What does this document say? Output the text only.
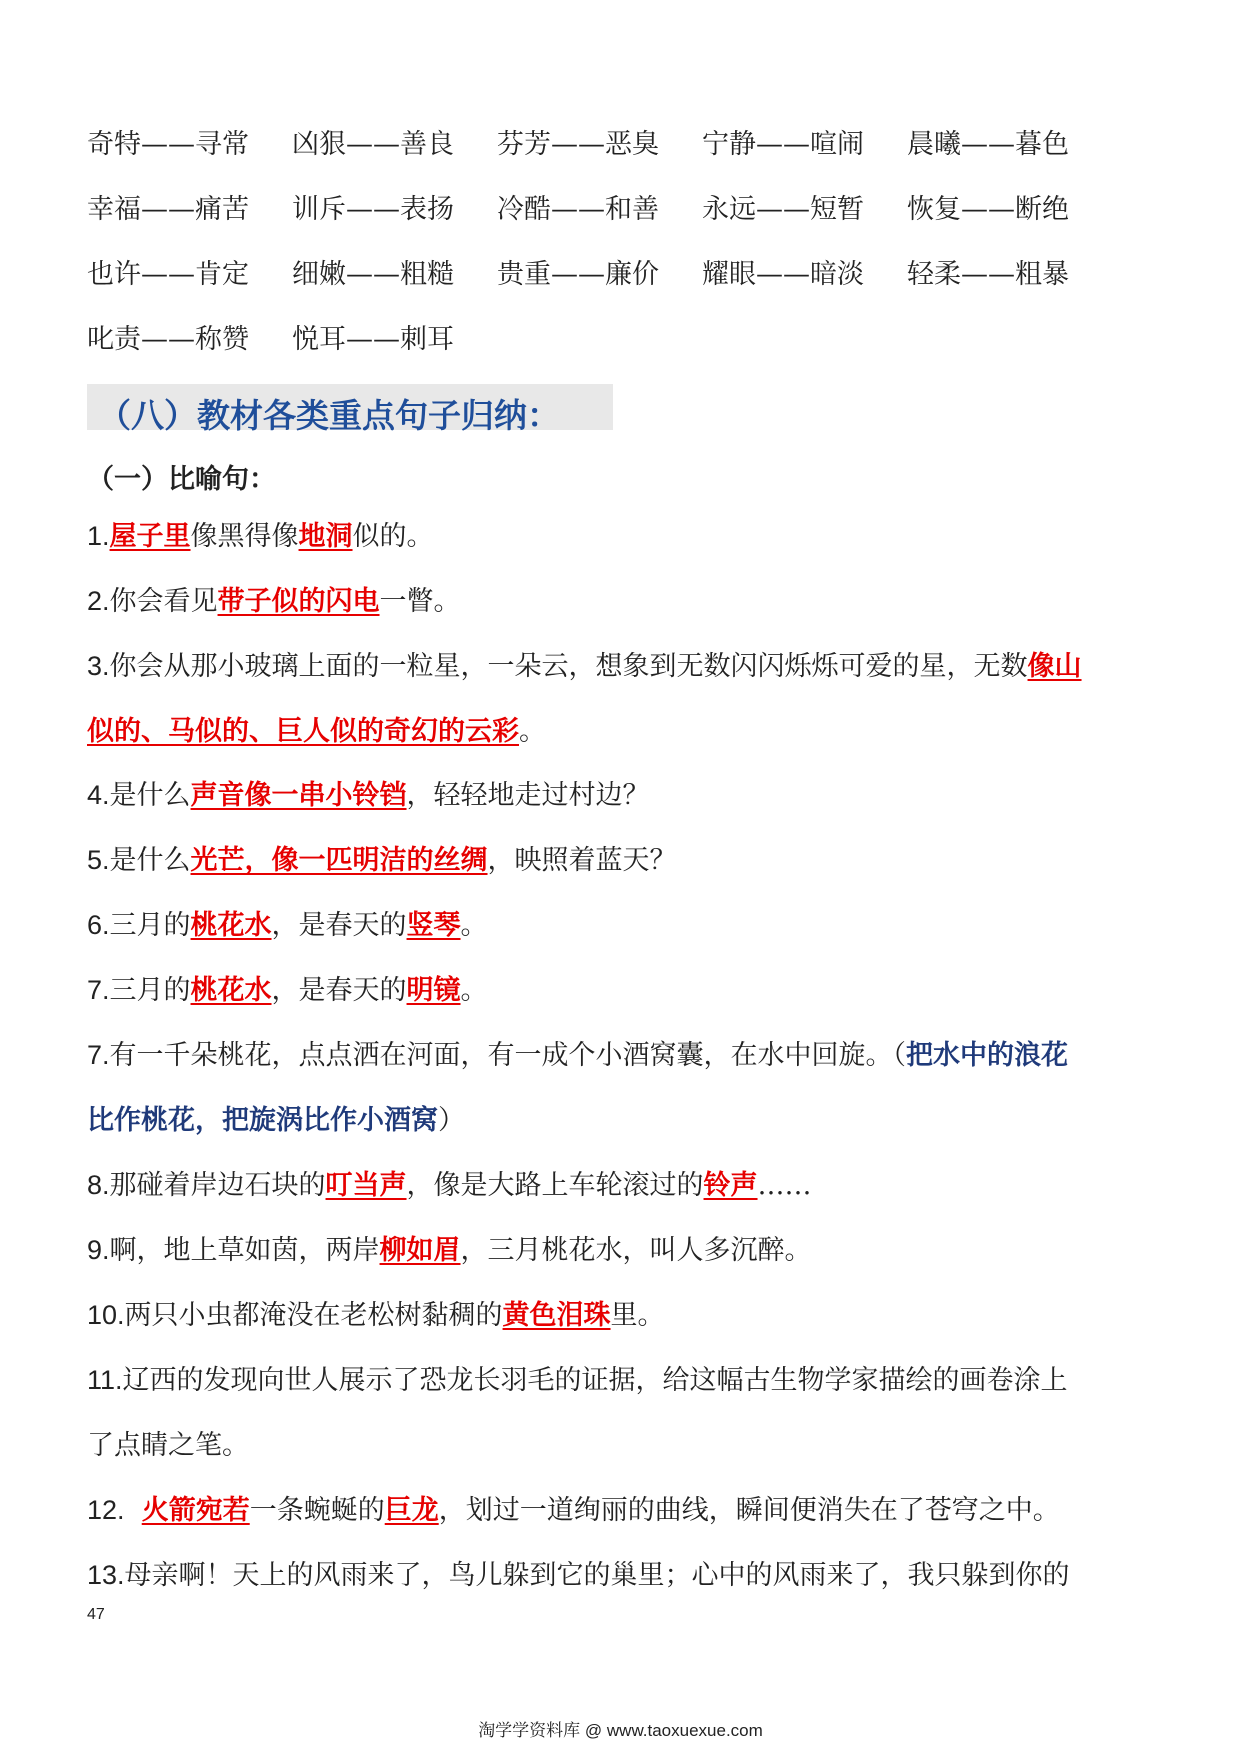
奇特——寻常 凶狠——善良 芬芳——恶臭 宁静——喧闹 晨曦——暮色
幸福——痛苦 训斥——表扬 冷酷——和善 永远——短暂 恢复——断绝
也许——肯定 细嫩——粗糙 贵重——廉价 耀眼——暗淡 轻柔——粗暴
叱责——称赞 悦耳——刺耳
（八）教材各类重点句子归纳：
（一）比喻句：
1.屋子里像黑得像地洞似的。
2.你会看见带子似的闪电一瞥。
3.你会从那小玻璃上面的一粒星，一朵云，想象到无数闪闪烁烁可爱的星，无数像山
似的、马似的、巨人似的奇幻的云彩。
4.是什么声音像一串小铃铛，轻轻地走过村边？
5.是什么光芒，像一匹明洁的丝绸，映照着蓝天？
6.三月的桃花水，是春天的竖琴。
7.三月的桃花水，是春天的明镜。
7.有一千朵桃花，点点洒在河面，有一成个小酒窝囊，在水中回旋。（把水中的浪花
比作桃花，把旋涡比作小酒窝）
8.那碰着岸边石块的叮当声，像是大路上车轮滚过的铃声……
9.啊，地上草如茵，两岸柳如眉，三月桃花水，叫人多沉醉。
10.两只小虫都淹没在老松树黏稠的黄色泪珠里。
11.辽西的发现向世人展示了恐龙长羽毛的证据，给这幅古生物学家描绘的画卷涂上
了点睛之笔。
12. 火箭宛若一条蜿蜒的巨龙，划过一道绚丽的曲线，瞬间便消失在了苍穹之中。
13.母亲啊！天上的风雨来了，鸟儿躲到它的巢里；心中的风雨来了，我只躲到你的
47
淘学学资料库 @ www.taoxuexue.com
